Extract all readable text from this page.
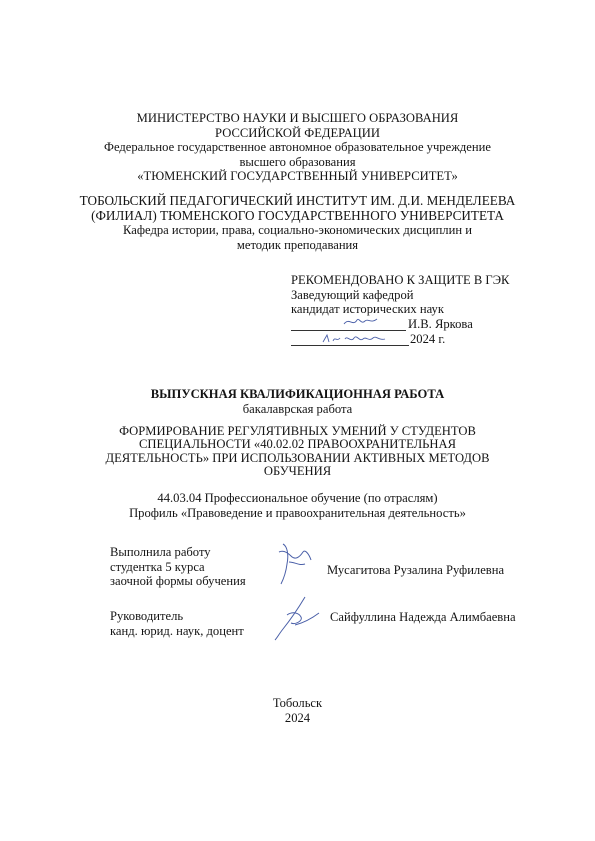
МИНИСТЕРСТВО НАУКИ И ВЫСШЕГО ОБРАЗОВАНИЯ
РОССИЙСКОЙ ФЕДЕРАЦИИ
Федеральное государственное автономное образовательное учреждение
высшего образования
«ТЮМЕНСКИЙ ГОСУДАРСТВЕННЫЙ УНИВЕРСИТЕТ»
ТОБОЛЬСКИЙ ПЕДАГОГИЧЕСКИЙ ИНСТИТУТ ИМ. Д.И. МЕНДЕЛЕЕВА
(ФИЛИАЛ) ТЮМЕНСКОГО ГОСУДАРСТВЕННОГО УНИВЕРСИТЕТА
Кафедра истории, права, социально-экономических дисциплин и
методик преподавания
РЕКОМЕНДОВАНО К ЗАЩИТЕ В ГЭК
Заведующий кафедрой
кандидат исторических наук
И.В. Яркова
2024 г.
ВЫПУСКНАЯ КВАЛИФИКАЦИОННАЯ РАБОТА
бакалаврская работа
ФОРМИРОВАНИЕ РЕГУЛЯТИВНЫХ УМЕНИЙ У СТУДЕНТОВ
СПЕЦИАЛЬНОСТИ «40.02.02 ПРАВООХРАНИТЕЛЬНАЯ
ДЕЯТЕЛЬНОСТЬ» ПРИ ИСПОЛЬЗОВАНИИ АКТИВНЫХ МЕТОДОВ
ОБУЧЕНИЯ
44.03.04 Профессиональное обучение (по отраслям)
Профиль «Правоведение и правоохранительная деятельность»
Выполнила работу
студентка 5 курса
заочной формы обучения
Мусагитова Рузалина Руфилевна
Руководитель
канд. юрид. наук, доцент
Сайфуллина Надежда Алимбаевна
Тобольск
2024
